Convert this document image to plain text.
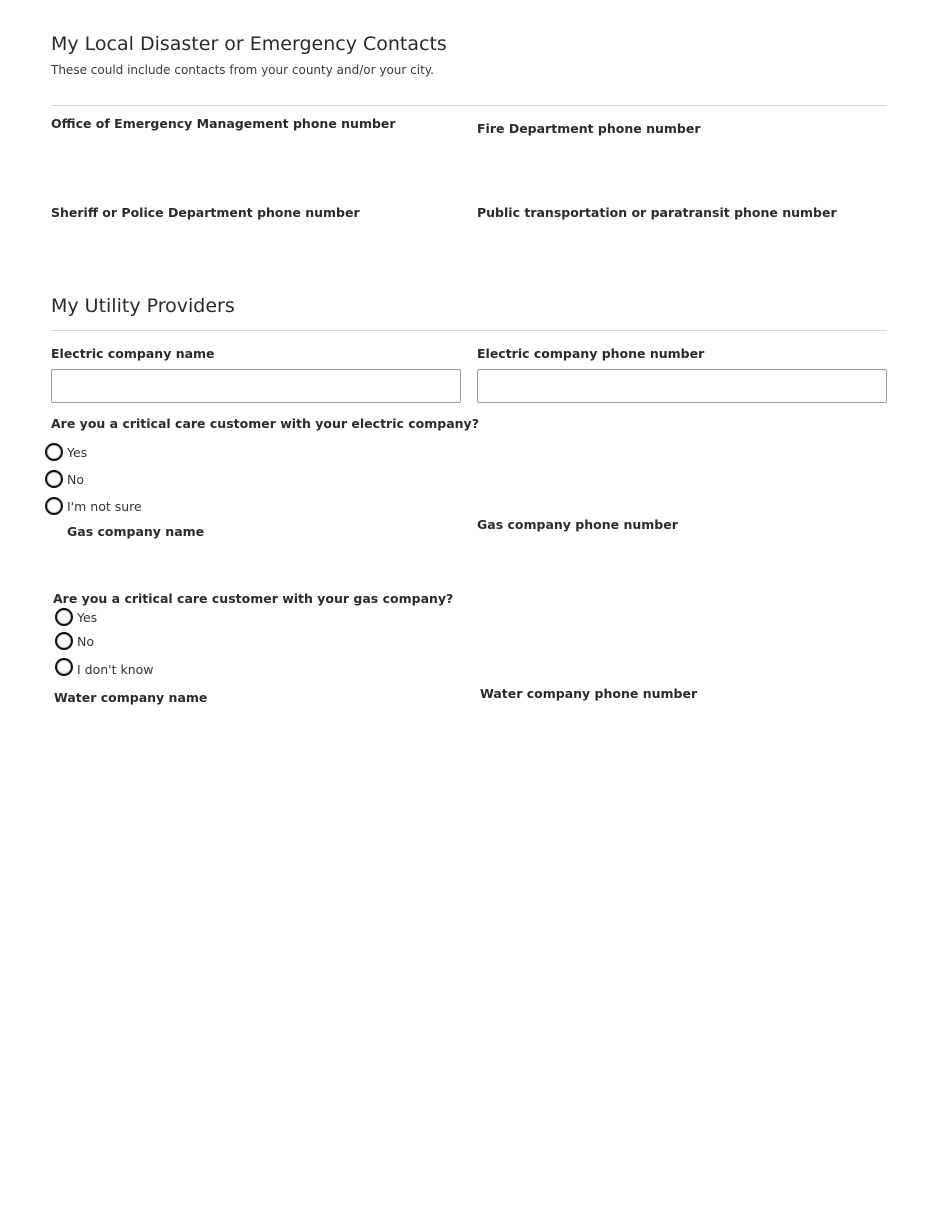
My Local Disaster or Emergency Contacts
These could include contacts from your county and/or your city.
Office of Emergency Management phone number	Fire Department phone number
Sheriff or Police Department phone number	Public transportation or paratransit phone number
My Utility Providers
Electric company name	Electric company phone number
Are you a critical care customer with your electric company?
Yes
No
I'm not sure
Gas company name	Gas company phone number
Are you a critical care customer with your gas company?
Yes
No
I don't know
Water company name	Water company phone number
